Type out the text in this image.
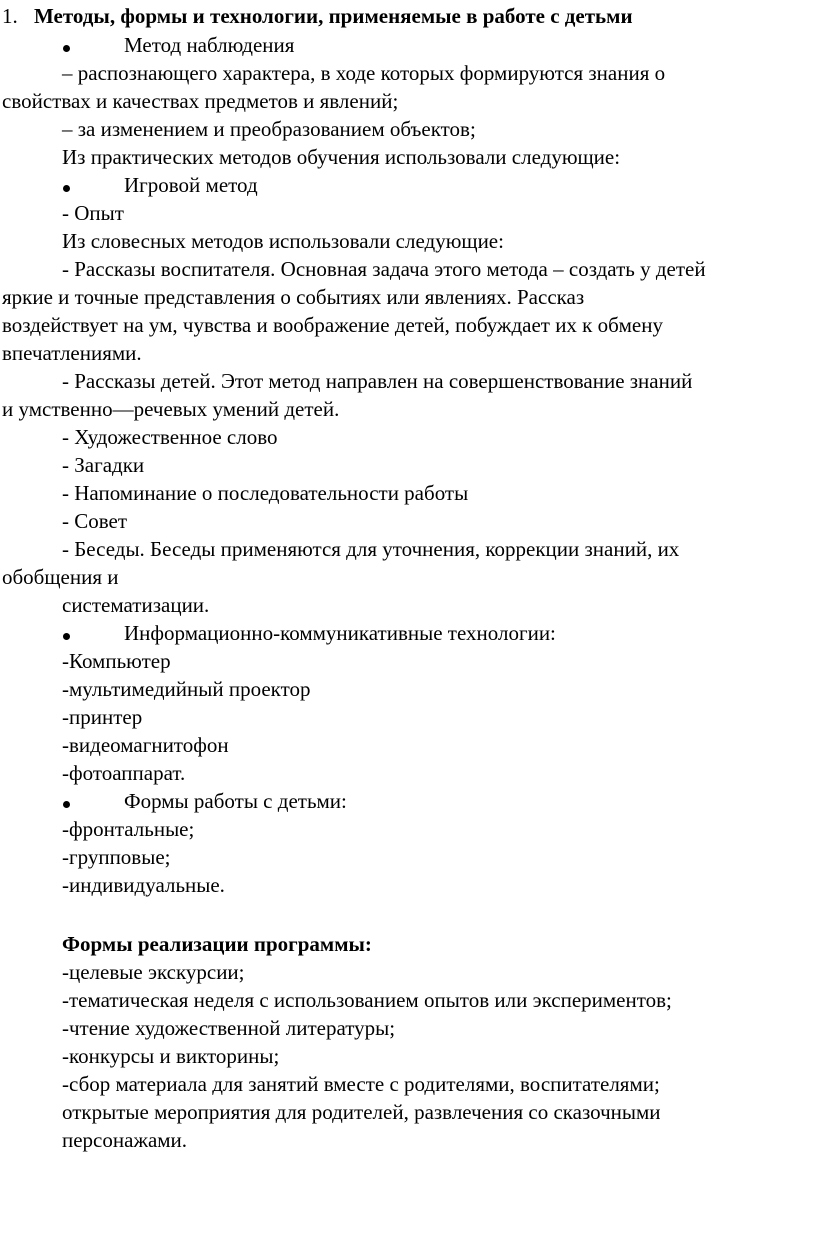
1. Методы, формы и технологии, применяемые в работе с детьми
Метод наблюдения
– распознающего характера, в ходе которых формируются знания о
свойствах и качествах предметов и явлений;
– за изменением и преобразованием объектов;
Из практических методов обучения использовали следующие:
Игровой метод
- Опыт
Из словесных методов использовали следующие:
- Рассказы воспитателя. Основная задача этого метода – создать у детей
яркие и точные представления о событиях или явлениях. Рассказ
воздействует на ум, чувства и воображение детей, побуждает их к обмену
впечатлениями.
- Рассказы детей. Этот метод направлен на совершенствование знаний
и умственно—речевых умений детей.
- Художественное слово
- Загадки
- Напоминание о последовательности работы
- Совет
- Беседы. Беседы применяются для уточнения, коррекции знаний, их
обобщения и
систематизации.
Информационно-коммуникативные технологии:
-Компьютер
-мультимедийный проектор
-принтер
-видеомагнитофон
-фотоаппарат.
Формы работы с детьми:
-фронтальные;
-групповые;
-индивидуальные.
Формы реализации программы:
-целевые экскурсии;
-тематическая неделя с использованием опытов или экспериментов;
-чтение художественной литературы;
-конкурсы и викторины;
-сбор материала для занятий вместе с родителями, воспитателями;
открытые мероприятия для родителей, развлечения со сказочными
персонажами.
